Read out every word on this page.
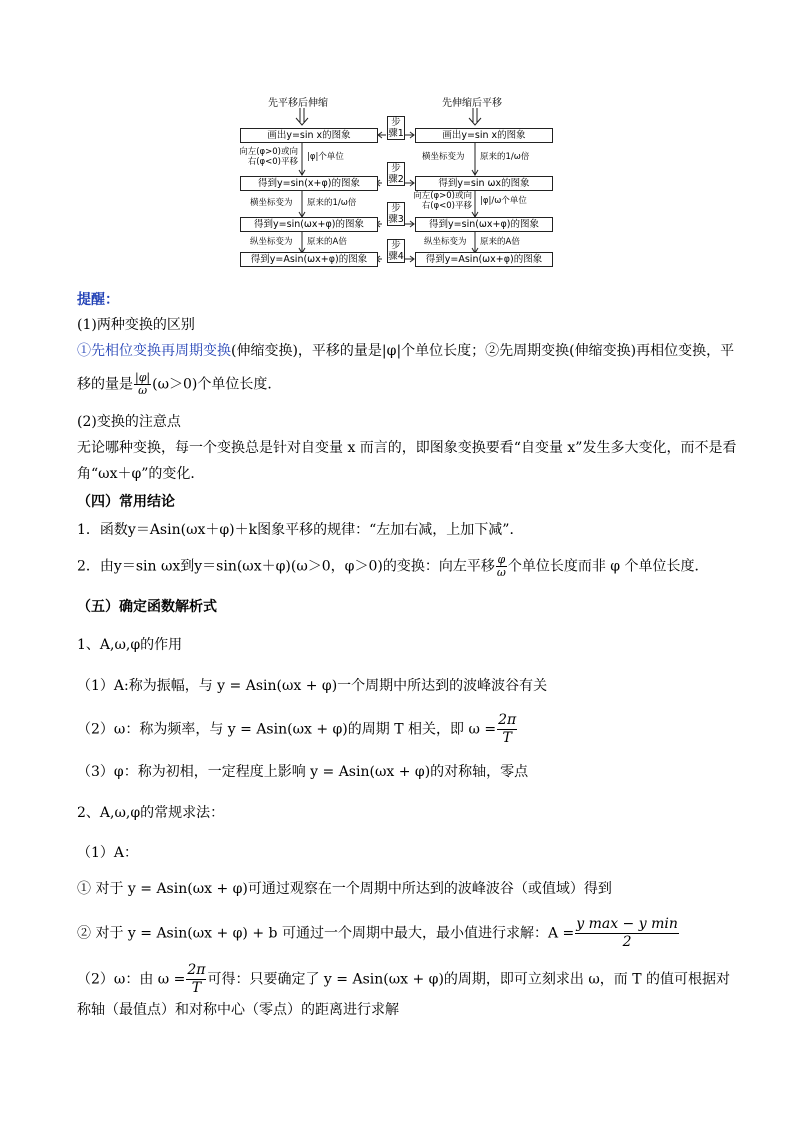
先平移后伸缩	先伸缩后平移
画出y=sin x的图象
得到y=sin(x+φ)的图象
得到y=sin(ωx+φ)的图象
得到y=Asin(ωx+φ)的图象
画出y=sin x的图象
得到y=sin ωx的图象
得到y=sin(ωx+φ)的图象
得到y=Asin(ωx+φ)的图象
步骤1
步骤2
步骤3
步骤4
向左(φ>0)或向右(φ<0)平移 |φ|个单位
横坐标变为 原来的1/ω倍
纵坐标变为 原来的A倍
横坐标变为 原来的1/ω倍
向左(φ>0)或向右(φ<0)平移 |φ|/ω个单位
纵坐标变为 原来的A倍
提醒：
(1)两种变换的区别
①先相位变换再周期变换(伸缩变换)，平移的量是|φ|个单位长度；②先周期变换(伸缩变换)再相位变换，平
移的量是 $\frac{|\varphi|}{\omega} (\omega>0)$个单位长度．
(2)变换的注意点
无论哪种变换，每一个变换总是针对自变量 x 而言的，即图象变换要看“自变量 x”发生多大变化，而不是看
角“ωx＋φ”的变化．
（四）常用结论
1．函数y＝Asin(ωx＋φ)＋k图象平移的规律：“左加右减，上加下减”．
2．由y＝sin ωx到y＝sin(ωx＋φ)(ω＞0，φ＞0)的变换：向左平移 $\frac{\varphi}{\omega}$ 个单位长度而非 φ 个单位长度．
（五）确定函数解析式
1、A,ω,φ的作用
（1）A:称为振幅，与 y = Asin(ωx + φ)一个周期中所达到的波峰波谷有关
（2）ω：称为频率，与 y = Asin(ωx + φ)的周期 T 相关，即 $\omega = \frac{2\pi}{T}$
（3）φ：称为初相，一定程度上影响 y = Asin(ωx + φ)的对称轴，零点
2、A,ω,φ的常规求法：
（1）A：
① 对于 y = Asin(ωx + φ)可通过观察在一个周期中所达到的波峰波谷（或值域）得到
② 对于 y = Asin(ωx + φ) + b 可通过一个周期中最大，最小值进行求解：$A = \frac{\text{y max − y min}}{2}$
（2）ω：由 $\omega = \frac{2\pi}{T}$ 可得：只要确定了 y = Asin(ωx + φ)的周期，即可立刻求出 ω，而 T 的值可根据对
称轴（最值点）和对称中心（零点）的距离进行求解
